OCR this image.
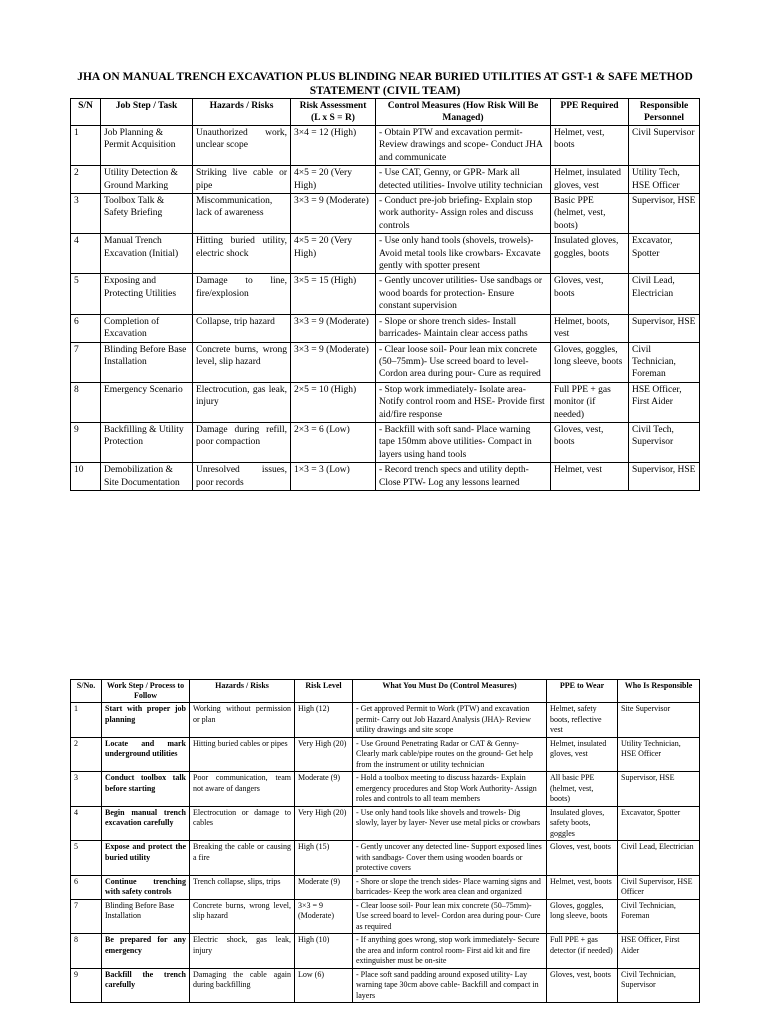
JHA ON MANUAL TRENCH EXCAVATION PLUS BLINDING NEAR BURIED UTILITIES AT GST-1 & SAFE METHOD STATEMENT (CIVIL TEAM)
S/N	Job Step / Task	Hazards / Risks	Risk Assessment (L x S = R)	Control Measures (How Risk Will Be Managed)	PPE Required	Responsible Personnel
1	Job Planning & Permit Acquisition	Unauthorized work, unclear scope	3×4 = 12 (High)	- Obtain PTW and excavation permit- Review drawings and scope- Conduct JHA and communicate	Helmet, vest, boots	Civil Supervisor
2	Utility Detection & Ground Marking	Striking live cable or pipe	4×5 = 20 (Very High)	- Use CAT, Genny, or GPR- Mark all detected utilities- Involve utility technician	Helmet, insulated gloves, vest	Utility Tech, HSE Officer
3	Toolbox Talk & Safety Briefing	Miscommunication, lack of awareness	3×3 = 9 (Moderate)	- Conduct pre-job briefing- Explain stop work authority- Assign roles and discuss controls	Basic PPE (helmet, vest, boots)	Supervisor, HSE
4	Manual Trench Excavation (Initial)	Hitting buried utility, electric shock	4×5 = 20 (Very High)	- Use only hand tools (shovels, trowels)- Avoid metal tools like crowbars- Excavate gently with spotter present	Insulated gloves, goggles, boots	Excavator, Spotter
5	Exposing and Protecting Utilities	Damage to line, fire/explosion	3×5 = 15 (High)	- Gently uncover utilities- Use sandbags or wood boards for protection- Ensure constant supervision	Gloves, vest, boots	Civil Lead, Electrician
6	Completion of Excavation	Collapse, trip hazard	3×3 = 9 (Moderate)	- Slope or shore trench sides- Install barricades- Maintain clear access paths	Helmet, boots, vest	Supervisor, HSE
7	Blinding Before Base Installation	Concrete burns, wrong level, slip hazard	3×3 = 9 (Moderate)	- Clear loose soil- Pour lean mix concrete (50–75mm)- Use screed board to level- Cordon area during pour- Cure as required	Gloves, goggles, long sleeve, boots	Civil Technician, Foreman
8	Emergency Scenario	Electrocution, gas leak, injury	2×5 = 10 (High)	- Stop work immediately- Isolate area- Notify control room and HSE- Provide first aid/fire response	Full PPE + gas monitor (if needed)	HSE Officer, First Aider
9	Backfilling & Utility Protection	Damage during refill, poor compaction	2×3 = 6 (Low)	- Backfill with soft sand- Place warning tape 150mm above utilities- Compact in layers using hand tools	Gloves, vest, boots	Civil Tech, Supervisor
10	Demobilization & Site Documentation	Unresolved issues, poor records	1×3 = 3 (Low)	- Record trench specs and utility depth- Close PTW- Log any lessons learned	Helmet, vest	Supervisor, HSE
S/No.	Work Step / Process to Follow	Hazards / Risks	Risk Level	What You Must Do (Control Measures)	PPE to Wear	Who Is Responsible
1	Start with proper job planning	Working without permission or plan	High (12)	- Get approved Permit to Work (PTW) and excavation permit- Carry out Job Hazard Analysis (JHA)- Review utility drawings and site scope	Helmet, safety boots, reflective vest	Site Supervisor
2	Locate and mark underground utilities	Hitting buried cables or pipes	Very High (20)	- Use Ground Penetrating Radar or CAT & Genny- Clearly mark cable/pipe routes on the ground- Get help from the instrument or utility technician	Helmet, insulated gloves, vest	Utility Technician, HSE Officer
3	Conduct toolbox talk before starting	Poor communication, team not aware of dangers	Moderate (9)	- Hold a toolbox meeting to discuss hazards- Explain emergency procedures and Stop Work Authority- Assign roles and controls to all team members	All basic PPE (helmet, vest, boots)	Supervisor, HSE
4	Begin manual trench excavation carefully	Electrocution or damage to cables	Very High (20)	- Use only hand tools like shovels and trowels- Dig slowly, layer by layer- Never use metal picks or crowbars	Insulated gloves, safety boots, goggles	Excavator, Spotter
5	Expose and protect the buried utility	Breaking the cable or causing a fire	High (15)	- Gently uncover any detected line- Support exposed lines with sandbags- Cover them using wooden boards or protective covers	Gloves, vest, boots	Civil Lead, Electrician
6	Continue trenching with safety controls	Trench collapse, slips, trips	Moderate (9)	- Shore or slope the trench sides- Place warning signs and barricades- Keep the work area clean and organized	Helmet, vest, boots	Civil Supervisor, HSE Officer
7	Blinding Before Base Installation	Concrete burns, wrong level, slip hazard	3×3 = 9 (Moderate)	- Clear loose soil- Pour lean mix concrete (50–75mm)- Use screed board to level- Cordon area during pour- Cure as required	Gloves, goggles, long sleeve, boots	Civil Technician, Foreman
8	Be prepared for any emergency	Electric shock, gas leak, injury	High (10)	- If anything goes wrong, stop work immediately- Secure the area and inform control room- First aid kit and fire extinguisher must be on-site	Full PPE + gas detector (if needed)	HSE Officer, First Aider
9	Backfill the trench carefully	Damaging the cable again during backfilling	Low (6)	- Place soft sand padding around exposed utility- Lay warning tape 30cm above cable- Backfill and compact in layers	Gloves, vest, boots	Civil Technician, Supervisor
